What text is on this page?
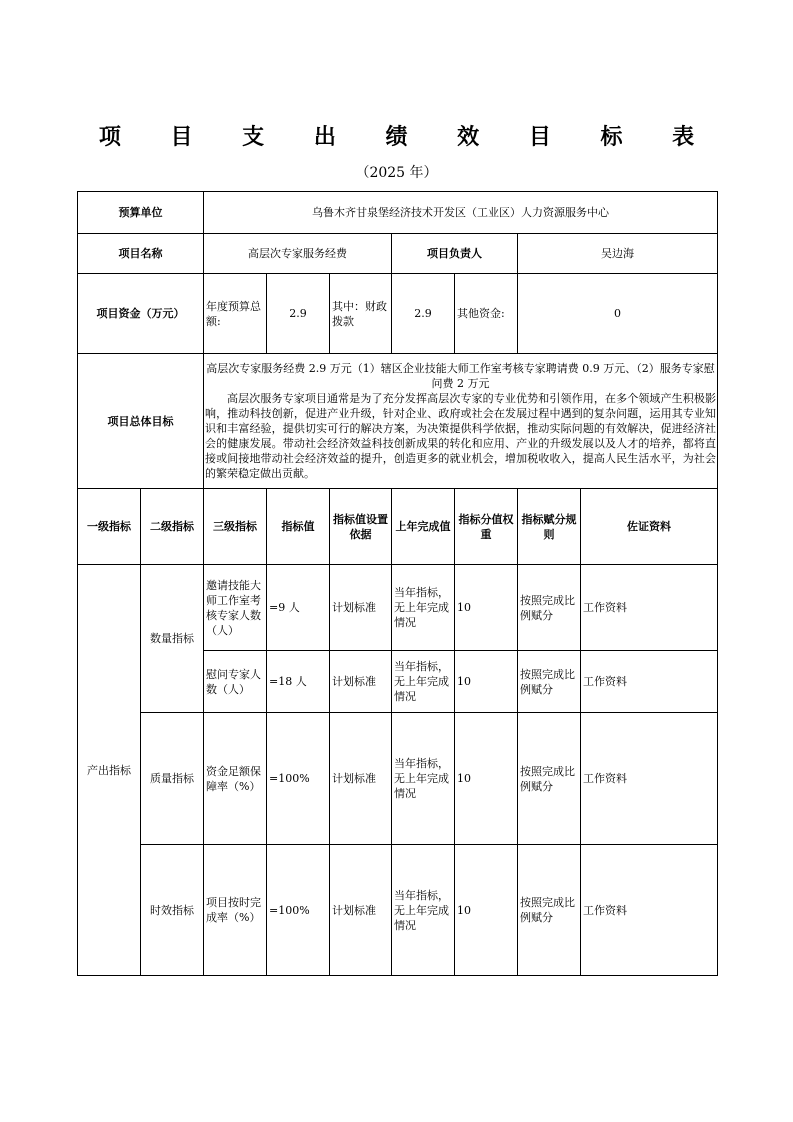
项 目 支 出 绩 效 目 标 表
（2025 年）
预算单位		乌鲁木齐甘泉堡经济技术开发区（工业区）人力资源服务中心						
项目名称		高层次专家服务经费			项目负责人		吴边海	
项目资金（万元）		年度预算总额:	2.9	其中：财政拨款	2.9	其他资金:	0	
项目总体目标		高层次专家服务经费 2.9 万元（1）辖区企业技能大师工作室考核专家聘请费 0.9 万元、（2）服务专家慰问费 2 万元

高层次服务专家项目通常是为了充分发挥高层次专家的专业优势和引领作用，在多个领域产生积极影响，推动科技创新，促进产业升级，针对企业、政府或社会在发展过程中遇到的复杂问题，运用其专业知识和丰富经验，提供切实可行的解决方案，为决策提供科学依据，推动实际问题的有效解决，促进经济社会的健康发展。带动社会经济效益科技创新成果的转化和应用、产业的升级发展以及人才的培养，都将直接或间接地带动社会经济效益的提升，创造更多的就业机会，增加税收收入，提高人民生活水平，为社会的繁荣稳定做出贡献。						

一级指标	二级指标	三级指标	指标值	指标值设置依据	上年完成值	指标分值权重	指标赋分规则	佐证资料
产出指标	数量指标	邀请技能大师工作室考核专家人数（人）	=9 人	计划标准	当年指标，无上年完成情况	10	按照完成比例赋分	工作资料
		慰问专家人数（人）	=18 人	计划标准	当年指标，无上年完成情况	10	按照完成比例赋分	工作资料
	质量指标	资金足额保障率（%）	=100%	计划标准	当年指标，无上年完成情况	10	按照完成比例赋分	工作资料
	时效指标	项目按时完成率（%）	=100%	计划标准	当年指标，无上年完成情况	10	按照完成比例赋分	工作资料
